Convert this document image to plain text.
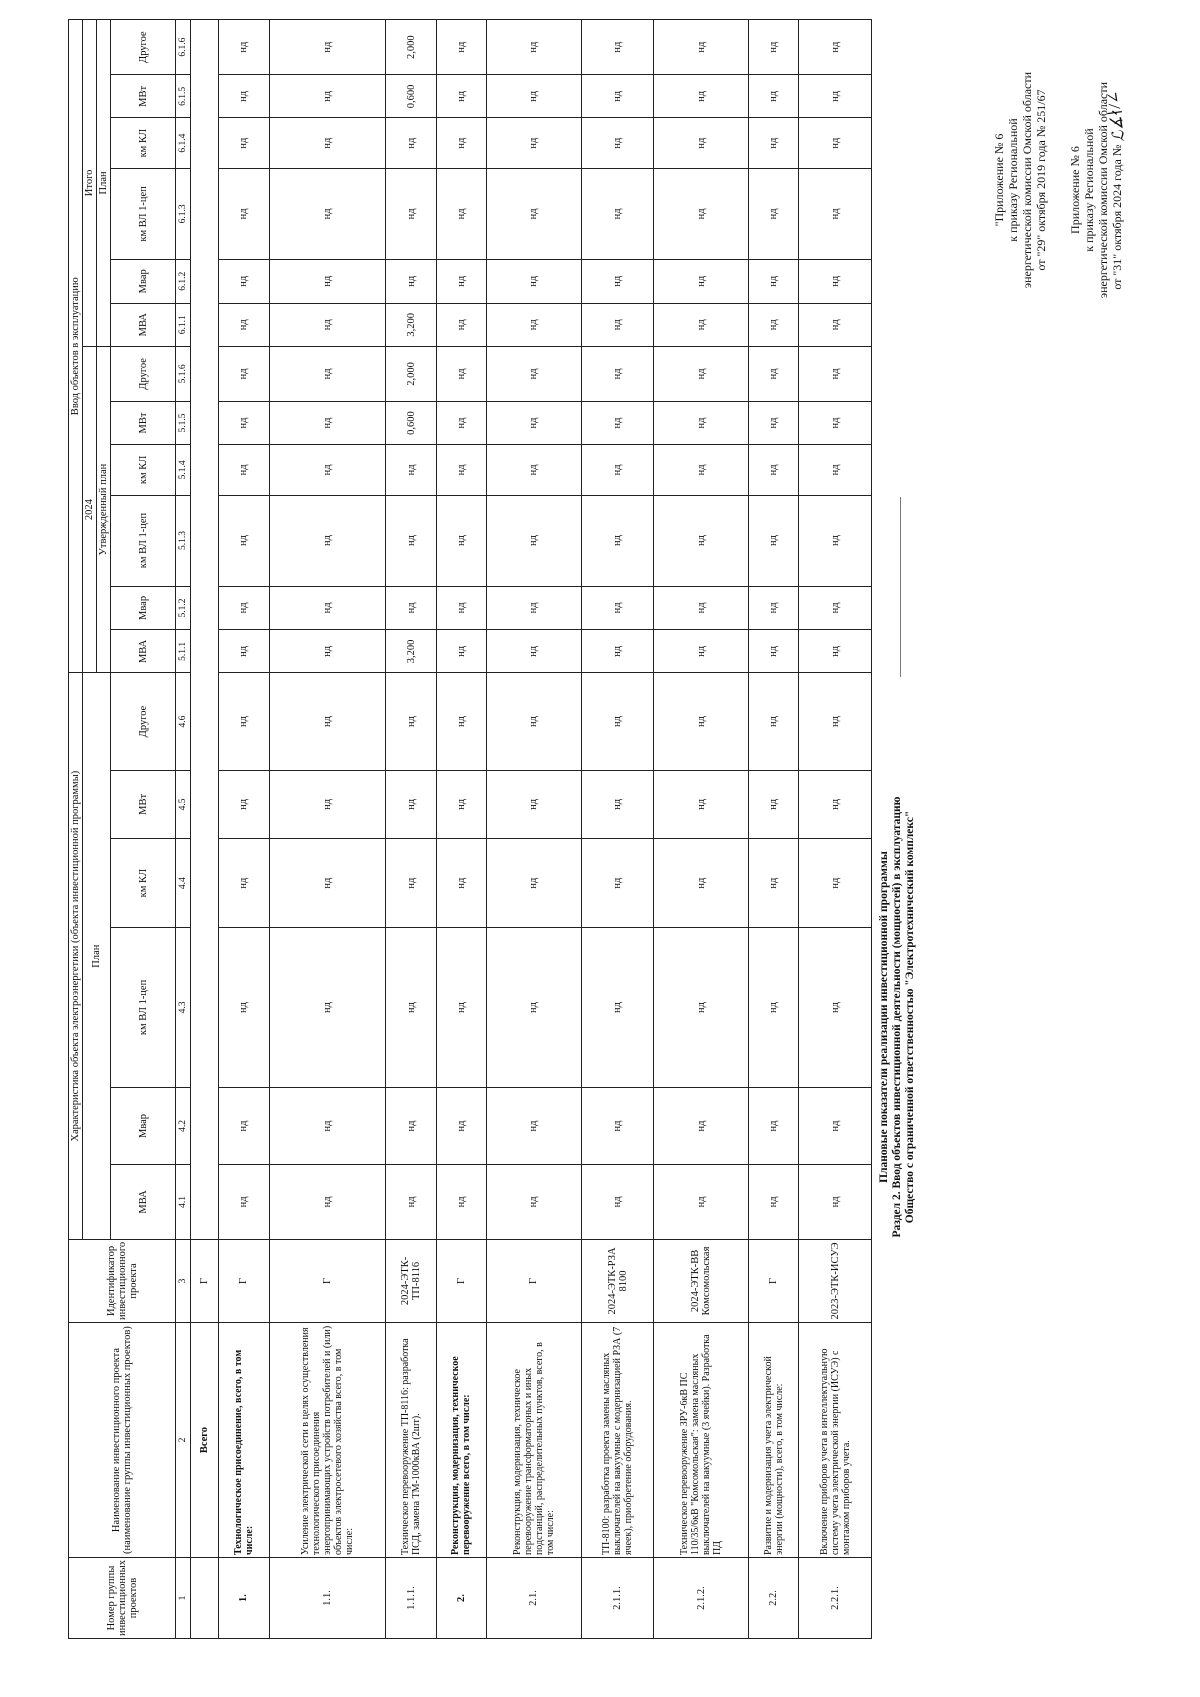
Приложение № 6 к приказу Региональной энергетической комиссии Омской области от "31" октября 2024 года № ℒ∡∤/∠
"Приложение № 6 к приказу Региональной энергетической комиссии Омской области от "29" октября 2019 года № 251/67
Плановые показатели реализации инвестиционной программы Раздел 2. Ввод объектов инвестиционной деятельности (мощностей) в эксплуатацию Общество с ограниченной ответственностью "Электротехнический комплекс"
Номер группы инвестиционных проектов	Наименование инвестиционного проекта (наименование группы инвестиционных проектов)	Идентификатор инвестиционного проекта	Характеристика объекта электроэнергетики (объекта инвестиционной программы)						Ввод объектов в эксплуатацию											
			План						2024						Итого					
									Утвержденный план						План					
			МВА	Мвар	км ВЛ 1-цеп	км КЛ	МВт	Другое	МВА	Мвар	км ВЛ 1-цеп	км КЛ	МВт	Другое	МВА	Мвар	км ВЛ 1-цеп	км КЛ	МВт	Другое
1	2	3	4.1	4.2	4.3	4.4	4.5	4.6	5.1.1	5.1.2	5.1.3	5.1.4	5.1.5	5.1.6	6.1.1	6.1.2	6.1.3	6.1.4	6.1.5	6.1.6
	Всего	Г																		
1.	Технологическое присоединение, всего, в том числе:	Г	нд	нд	нд	нд	нд	нд	нд	нд	нд	нд	нд	нд	нд	нд	нд	нд	нд	нд
1.1.	Усиление электрической сети в целях осуществления технологического присоединения энергопринимающих устройств потребителей и (или) объектов электросетевого хозяйства всего, в том числе:	Г	нд	нд	нд	нд	нд	нд	нд	нд	нд	нд	нд	нд	нд	нд	нд	нд	нд	нд
1.1.1.	Техническое перевооружение ТП-8116: разработка ПСД, замена ТМ-1000кВА (2шт).	2024-ЭТК-ТП-8116	нд	нд	нд	нд	нд	нд	3,200	нд	нд	нд	0,600	2,000	3,200	нд	нд	нд	0,600	2,000
2.	Реконструкция, модернизация, техническое перевооружение всего, в том числе:	Г	нд	нд	нд	нд	нд	нд	нд	нд	нд	нд	нд	нд	нд	нд	нд	нд	нд	нд
2.1.	Реконструкция, модернизация, техническое перевооружение трансформаторных и иных подстанций, распределительных пунктов, всего, в том числе:	Г	нд	нд	нд	нд	нд	нд	нд	нд	нд	нд	нд	нд	нд	нд	нд	нд	нд	нд
2.1.1.	ТП-8100: разработка проекта замены масляных выключателей на вакуумные с модернизацией РЗА (7 ячеек), приобретение оборудования.	2024-ЭТК-РЗА 8100	нд	нд	нд	нд	нд	нд	нд	нд	нд	нд	нд	нд	нд	нд	нд	нд	нд	нд
2.1.2.	Техническое перевооружение ЗРУ-6кВ ПС 110/35/6кВ "Комсомольская": замена масляных выключателей на вакуумные (3 ячейки). Разработка ПД	2024-ЭТК-ВВ Комсомольская	нд	нд	нд	нд	нд	нд	нд	нд	нд	нд	нд	нд	нд	нд	нд	нд	нд	нд
2.2.	Развитие и модернизация учета электрической энергии (мощности), всего, в том числе:	Г	нд	нд	нд	нд	нд	нд	нд	нд	нд	нд	нд	нд	нд	нд	нд	нд	нд	нд
2.2.1.	Включение приборов учета в интеллектуальную систему учета электрической энергии (ИСУЭ) с монтажом приборов учета.	2023-ЭТК-ИСУЭ	нд	нд	нд	нд	нд	нд	нд	нд	нд	нд	нд	нд	нд	нд	нд	нд	нд	нд
